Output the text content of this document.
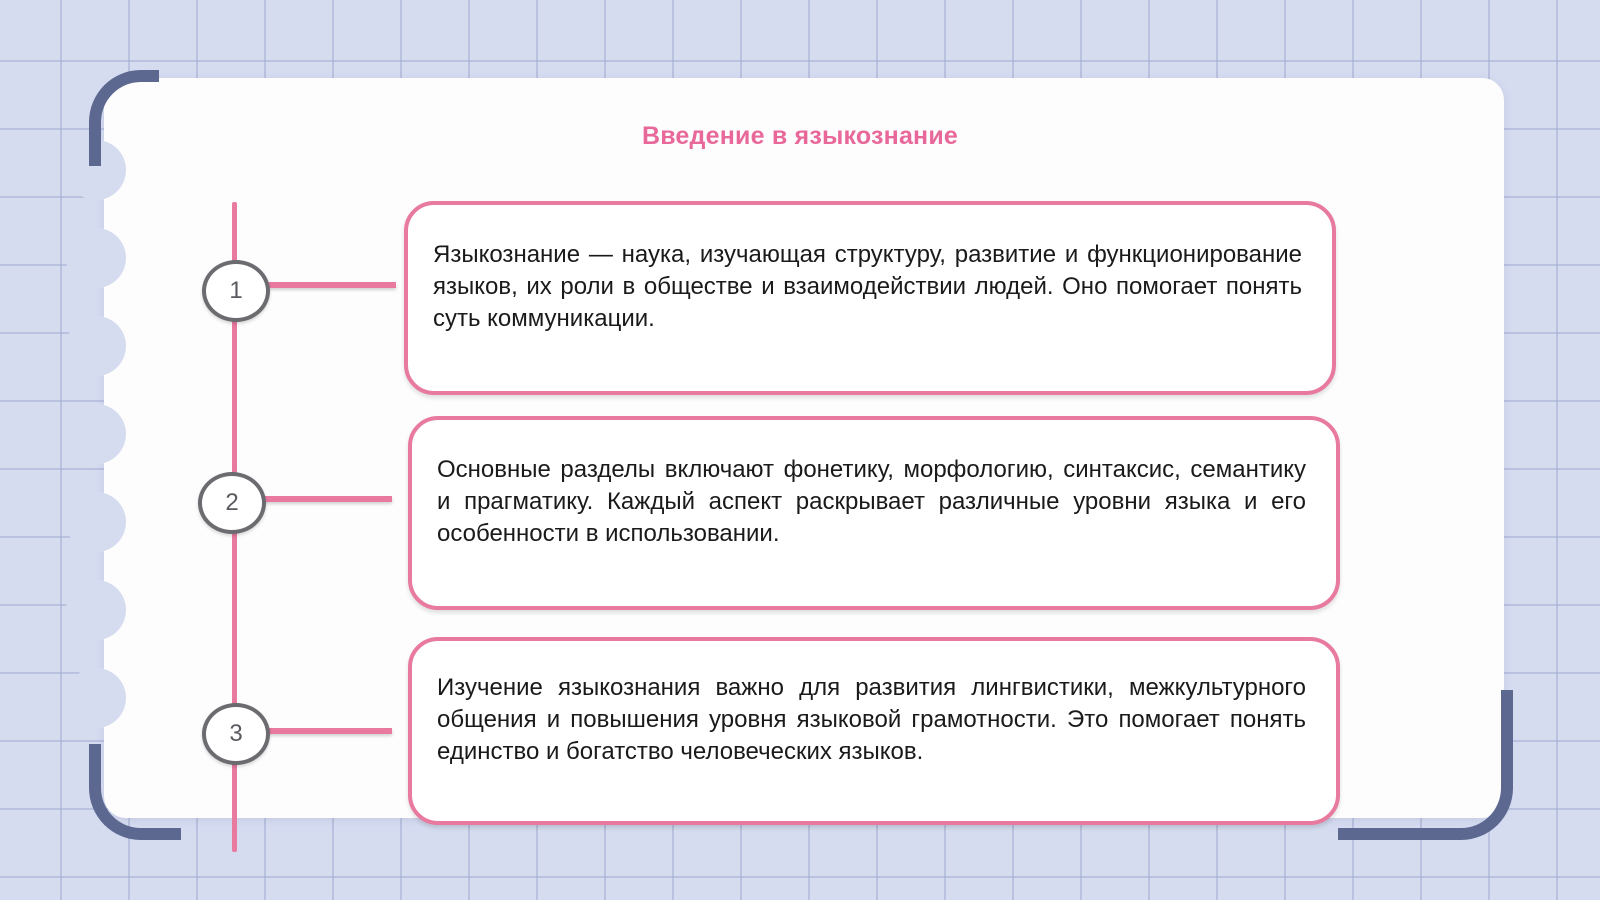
Введение в языкознание
1
2
3

Языкознание — наука, изучающая структуру, развитие и функционирование языков, их роли в обществе и взаимодействии людей. Оно помогает понять суть коммуникации.

Основные разделы включают фонетику, морфологию, синтаксис, семантику и прагматику. Каждый аспект раскрывает различные уровни языка и его особенности в использовании.

Изучение языкознания важно для развития лингвистики, межкультурного общения и повышения уровня языковой грамотности. Это помогает понять единство и богатство человеческих языков.
